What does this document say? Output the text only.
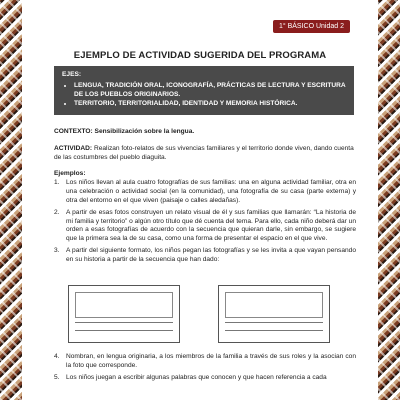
1° BÁSICO Unidad 2
EJEMPLO DE ACTIVIDAD SUGERIDA DEL PROGRAMA
EJES:
• LENGUA, TRADICIÓN ORAL, ICONOGRAFÍA, PRÁCTICAS DE LECTURA Y ESCRITURA DE LOS PUEBLOS ORIGINARIOS.
• TERRITORIO, TERRITORIALIDAD, IDENTIDAD Y MEMORIA HISTÓRICA.
CONTEXTO: Sensibilización sobre la lengua.
ACTIVIDAD: Realizan foto-relatos de sus vivencias familiares y el territorio donde viven, dando cuenta de las costumbres del pueblo diaguita.
Ejemplos:
1. Los niños llevan al aula cuatro fotografías de sus familias: una en alguna actividad familiar, otra en una celebración o actividad social (en la comunidad), una fotografía de su casa (parte externa) y otra del entorno en el que viven (paisaje o calles aledañas).
2. A partir de esas fotos construyen un relato visual de él y sus familias que llamarán: “La historia de mi familia y territorio” o algún otro título que dé cuenta del tema. Para ello, cada niño deberá dar un orden a esas fotografías de acuerdo con la secuencia que quieran darle, sin embargo, se sugiere que la primera sea la de su casa, como una forma de presentar el espacio en el que vive.
3. A partir del siguiente formato, los niños pegan las fotografías y se les invita a que vayan pensando en su historia a partir de la secuencia que han dado:
4. Nombran, en lengua originaria, a los miembros de la familia a través de sus roles y la asocian con la foto que corresponde.
5. Los niños juegan a escribir algunas palabras que conocen y que hacen referencia a cada
